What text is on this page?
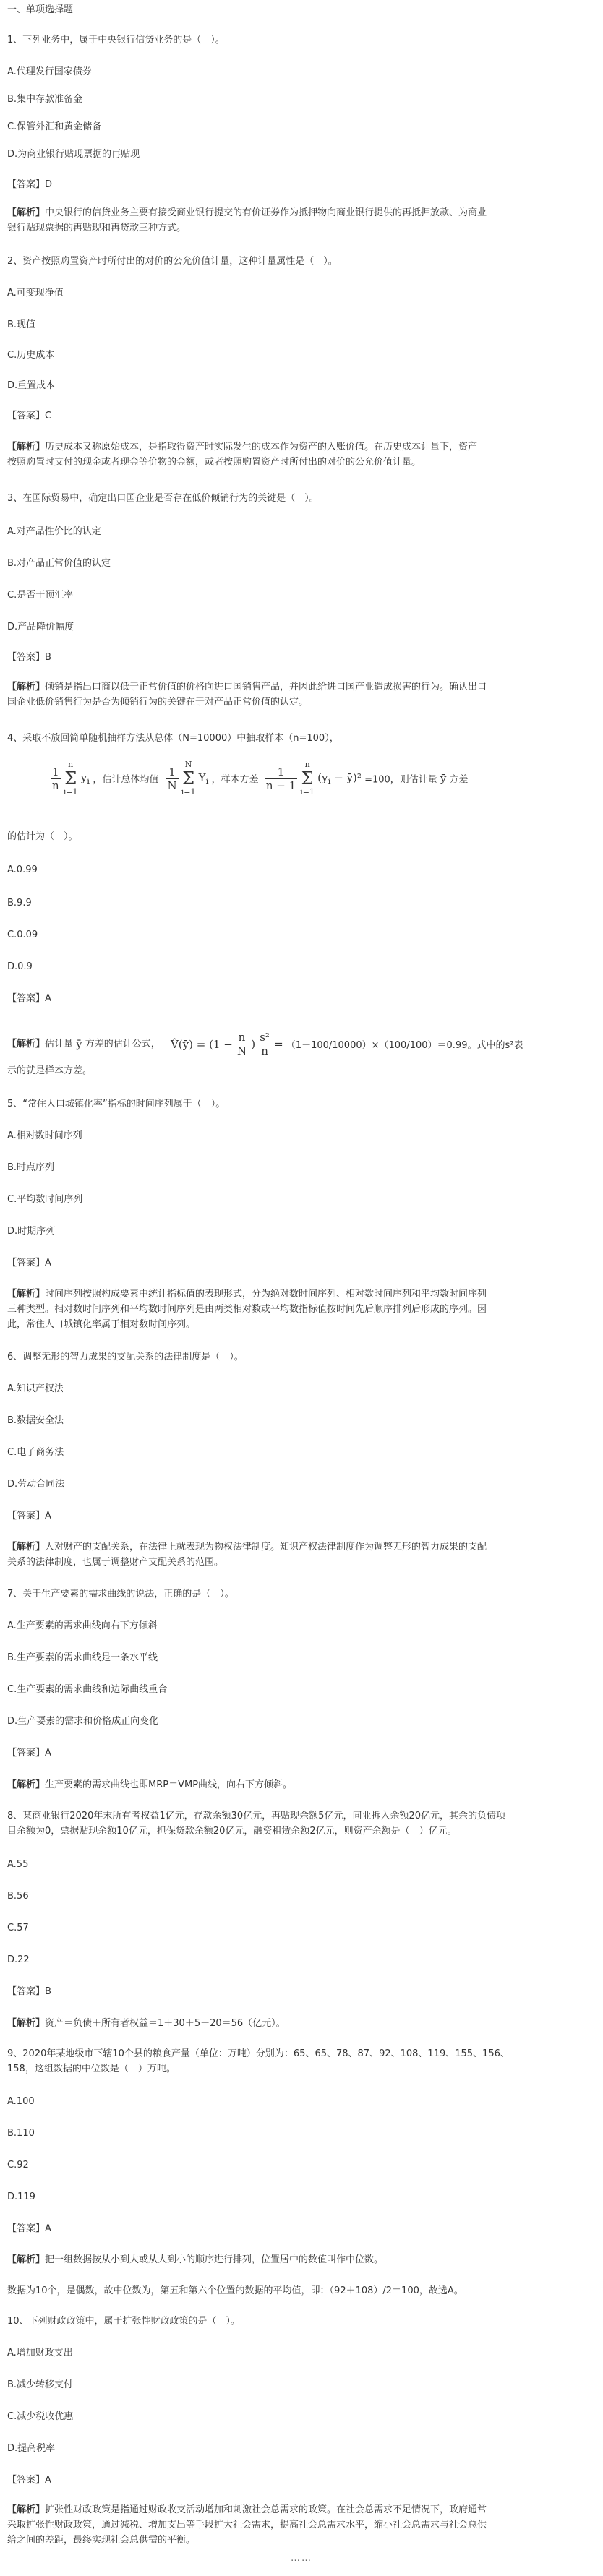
一、单项选择题
1、下列业务中，属于中央银行信贷业务的是（　）。
A.代理发行国家债券
B.集中存款准备金
C.保管外汇和黄金储备
D.为商业银行贴现票据的再贴现
【答案】D
【解析】中央银行的信贷业务主要有接受商业银行提交的有价证券作为抵押物向商业银行提供的再抵押放款、为商业
银行贴现票据的再贴现和再贷款三种方式。
2、资产按照购置资产时所付出的对价的公允价值计量，这种计量属性是（　）。
A.可变现净值
B.现值
C.历史成本
D.重置成本
【答案】C
【解析】历史成本又称原始成本，是指取得资产时实际发生的成本作为资产的入账价值。在历史成本计量下，资产
按照购置时支付的现金或者现金等价物的金额，或者按照购置资产时所付出的对价的公允价值计量。
3、在国际贸易中，确定出口国企业是否存在低价倾销行为的关键是（　）。
A.对产品性价比的认定
B.对产品正常价值的认定
C.是否干预汇率
D.产品降价幅度
【答案】B
【解析】倾销是指出口商以低于正常价值的价格向进口国销售产品，并因此给进口国产业造成损害的行为。确认出口
国企业低价销售行为是否为倾销行为的关键在于对产品正常价值的认定。
4、采取不放回简单随机抽样方法从总体（N=10000）中抽取样本（n=100），
$\frac{1}{n}$
n
Σ
i=1 $y_i$ ，估计总体均值 $\frac{1}{N}$
N
Σ
i=1 $Y_i$ ，样本方差 $\frac{1}{n - 1}$
n
Σ
i=1 ($y_i$ − ȳ)² =100，则估计量 ȳ 方差
的估计为（　）。
A.0.99
B.9.9
C.0.09
D.0.9
【答案】A
【解析】估计量 ȳ 方差的估计公式， V̂(ȳ) = ($1 - \frac{n}{N}$ ) $\frac{\text{s²}}{n} = (1-100/10000)\times(100/100)=0.99$。式中的s²表
示的就是样本方差。
5、“常住人口城镇化率”指标的时间序列属于（　）。
A.相对数时间序列
B.时点序列
C.平均数时间序列
D.时期序列
【答案】A
【解析】时间序列按照构成要素中统计指标值的表现形式，分为绝对数时间序列、相对数时间序列和平均数时间序列
三种类型。相对数时间序列和平均数时间序列是由两类相对数或平均数指标值按时间先后顺序排列后形成的序列。因
此，常住人口城镇化率属于相对数时间序列。
6、调整无形的智力成果的支配关系的法律制度是（　）。
A.知识产权法
B.数据安全法
C.电子商务法
D.劳动合同法
【答案】A
【解析】人对财产的支配关系，在法律上就表现为物权法律制度。知识产权法律制度作为调整无形的智力成果的支配
关系的法律制度，也属于调整财产支配关系的范围。
7、关于生产要素的需求曲线的说法，正确的是（　）。
A.生产要素的需求曲线向右下方倾斜
B.生产要素的需求曲线是一条水平线
C.生产要素的需求曲线和边际曲线重合
D.生产要素的需求和价格成正向变化
【答案】A
【解析】生产要素的需求曲线也即MRP＝VMP曲线，向右下方倾斜。
8、某商业银行2020年末所有者权益1亿元，存款余额30亿元，再贴现余额5亿元，同业拆入余额20亿元，其余的负债项
目余额为0，票据贴现余额10亿元，担保贷款余额20亿元，融资租赁余额2亿元，则资产余额是（　）亿元。
A.55
B.56
C.57
D.22
【答案】B
【解析】资产＝负债＋所有者权益＝1＋30＋5＋20＝56（亿元）。
9、2020年某地级市下辖10个县的粮食产量（单位：万吨）分别为：65、65、78、87、92、108、119、155、156、
158，这组数据的中位数是（　）万吨。
A.100
B.110
C.92
D.119
【答案】A
【解析】把一组数据按从小到大或从大到小的顺序进行排列，位置居中的数值叫作中位数。
数据为10个，是偶数，故中位数为，第五和第六个位置的数据的平均值，即：（92＋108）/2＝100，故选A。
10、下列财政政策中，属于扩张性财政政策的是（　）。
A.增加财政支出
B.减少转移支付
C.减少税收优惠
D.提高税率
【答案】A
【解析】扩张性财政政策是指通过财政收支活动增加和刺激社会总需求的政策。在社会总需求不足情况下，政府通常
采取扩张性财政政策，通过减税、增加支出等手段扩大社会需求，提高社会总需求水平，缩小社会总需求与社会总供
给之间的差距，最终实现社会总供需的平衡。
……
